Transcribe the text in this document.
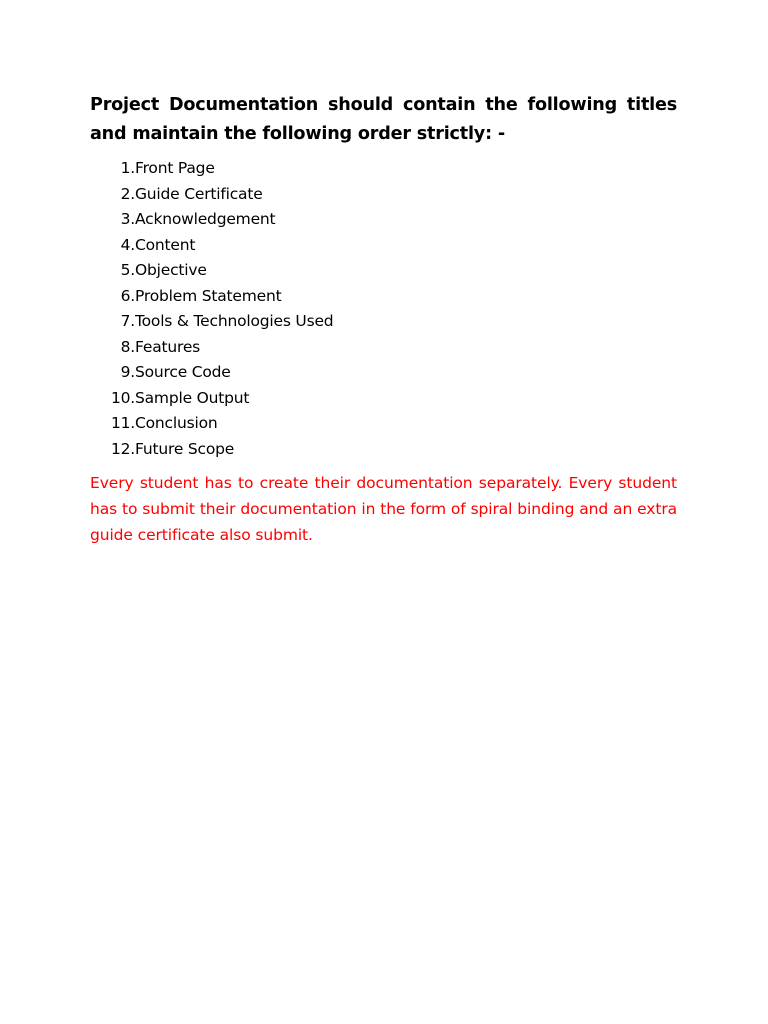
Project Documentation should contain the following titles and maintain the following order strictly: -

1. Front Page
2. Guide Certificate
3. Acknowledgement
4. Content
5. Objective
6. Problem Statement
7. Tools & Technologies Used
8. Features
9. Source Code
10. Sample Output
11. Conclusion
12. Future Scope

Every student has to create their documentation separately. Every student has to submit their documentation in the form of spiral binding and an extra guide certificate also submit.
